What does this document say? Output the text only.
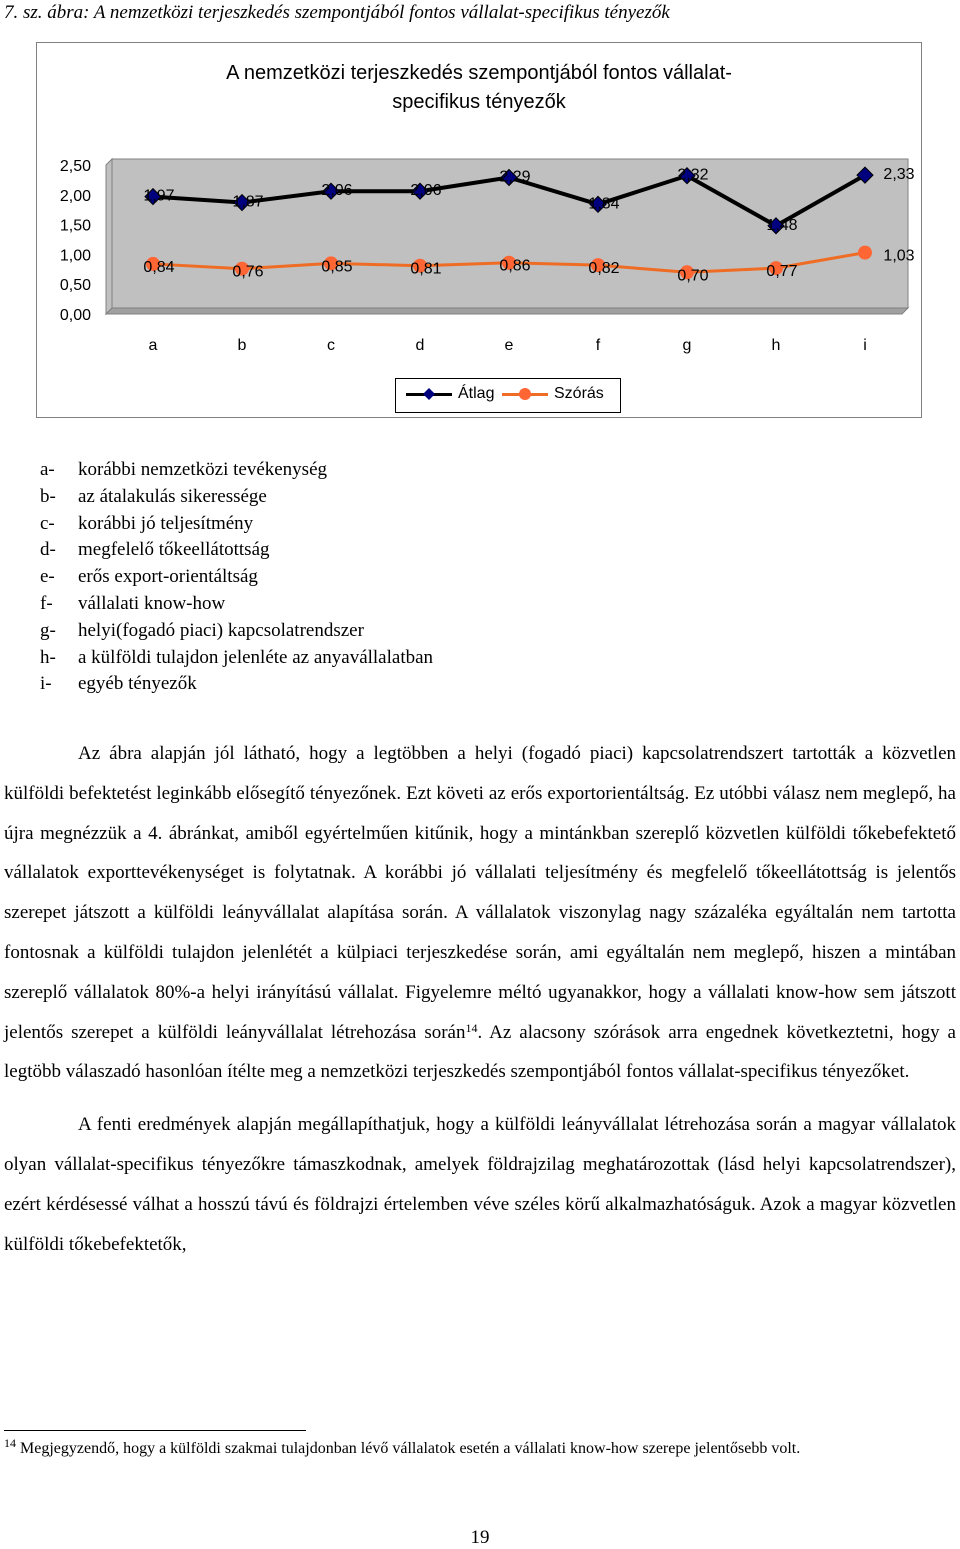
7. sz. ábra: A nemzetközi terjeszkedés szempontjából fontos vállalat-specifikus tényezők
A nemzetközi terjeszkedés szempontjából fontos vállalat-
specifikus tényezők
2,50
2,00
1,50
1,00
0,50
0,00
a	b	c	d	e	f	g	h	i
1,97	1,87
2,06	2,06
2,29
1,84
2,32
1,48
2,33
0,84	0,76	0,85	0,81	0,86	0,82	0,70	0,77
1,03
Átlag	Szórás
a-	korábbi nemzetközi tevékenység
b-	az átalakulás sikeressége
c-	korábbi jó teljesítmény
d-	megfelelő tőkeellátottság
e-	erős export-orientáltság
f-	vállalati know-how
g-	helyi(fogadó piaci) kapcsolatrendszer
h-	a külföldi tulajdon jelenléte az anyavállalatban
i-	egyéb tényezők

Az ábra alapján jól látható, hogy a legtöbben a helyi (fogadó piaci) kapcsolatrendszert tartották a közvetlen külföldi befektetést leginkább elősegítő tényezőnek. Ezt követi az erős exportorientáltság. Ez utóbbi válasz nem meglepő, ha újra megnézzük a 4. ábránkat, amiből egyértelműen kitűnik, hogy a mintánkban szereplő közvetlen külföldi tőkebefektető vállalatok exporttevékenységet is folytatnak. A korábbi jó vállalati teljesítmény és megfelelő tőkeellátottság is jelentős szerepet játszott a külföldi leányvállalat alapítása során. A vállalatok viszonylag nagy százaléka egyáltalán nem tartotta fontosnak a külföldi tulajdon jelenlétét a külpiaci terjeszkedése során, ami egyáltalán nem meglepő, hiszen a mintában szereplő vállalatok 80%-a helyi irányítású vállalat. Figyelemre méltó ugyanakkor, hogy a vállalati know-how sem játszott jelentős szerepet a külföldi leányvállalat létrehozása során$^{14}$. Az alacsony szórások arra engednek következtetni, hogy a legtöbb válaszadó hasonlóan ítélte meg a nemzetközi terjeszkedés szempontjából fontos vállalat-specifikus tényezőket.

A fenti eredmények alapján megállapíthatjuk, hogy a külföldi leányvállalat létrehozása során a magyar vállalatok olyan vállalat-specifikus tényezőkre támaszkodnak, amelyek földrajzilag meghatározottak (lásd helyi kapcsolatrendszer), ezért kérdésessé válhat a hosszú távú és földrajzi értelemben véve széles körű alkalmazhatóságuk. Azok a magyar közvetlen külföldi tőkebefektetők,

$^{14}$ Megjegyzendő, hogy a külföldi szakmai tulajdonban lévő vállalatok esetén a vállalati know-how szerepe jelentősebb volt.
19
